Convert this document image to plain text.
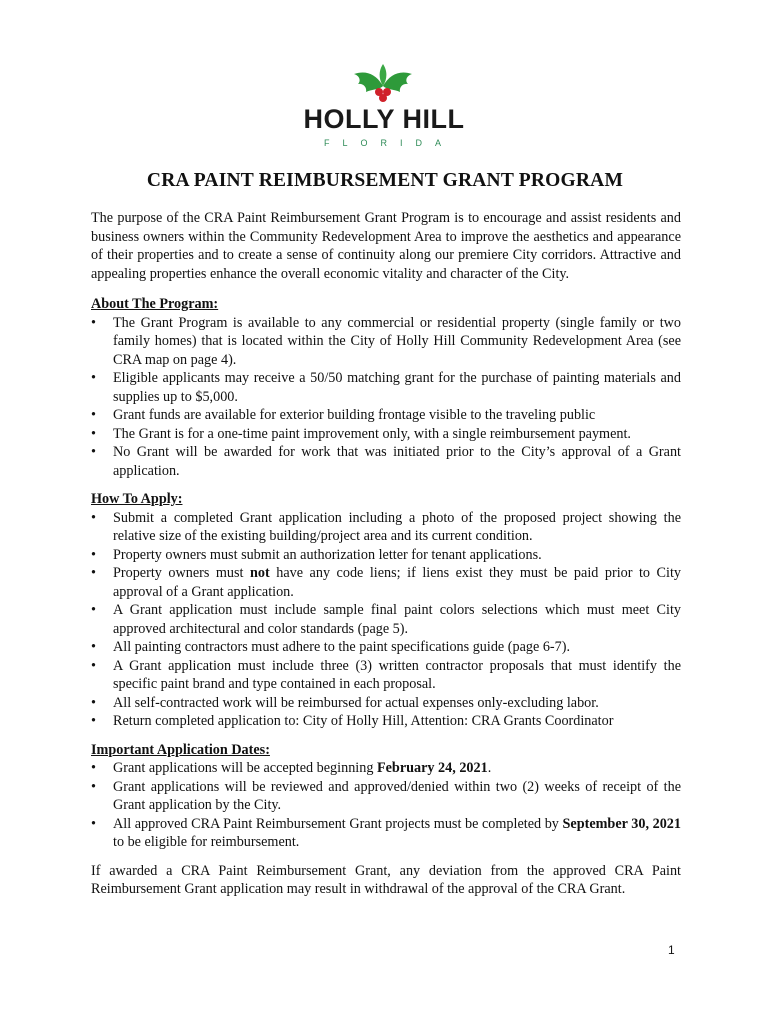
HOLLY HILL
FLORIDA
CRA PAINT REIMBURSEMENT GRANT PROGRAM

The purpose of the CRA Paint Reimbursement Grant Program is to encourage and assist residents and business owners within the Community Redevelopment Area to improve the aesthetics and appearance of their properties and to create a sense of continuity along our premiere City corridors. Attractive and appealing properties enhance the overall economic vitality and character of the City.

About The Program:
• The Grant Program is available to any commercial or residential property (single family or two family homes) that is located within the City of Holly Hill Community Redevelopment Area (see CRA map on page 4).
• Eligible applicants may receive a 50/50 matching grant for the purchase of painting materials and supplies up to $5,000.
• Grant funds are available for exterior building frontage visible to the traveling public
• The Grant is for a one-time paint improvement only, with a single reimbursement payment.
• No Grant will be awarded for work that was initiated prior to the City’s approval of a Grant application.
How To Apply:
• Submit a completed Grant application including a photo of the proposed project showing the relative size of the existing building/project area and its current condition.
• Property owners must submit an authorization letter for tenant applications.
• Property owners must not have any code liens; if liens exist they must be paid prior to City approval of a Grant application.
• A Grant application must include sample final paint colors selections which must meet City approved architectural and color standards (page 5).
• All painting contractors must adhere to the paint specifications guide (page 6-7).
• A Grant application must include three (3) written contractor proposals that must identify the specific paint brand and type contained in each proposal.
• All self-contracted work will be reimbursed for actual expenses only-excluding labor.
• Return completed application to: City of Holly Hill, Attention: CRA Grants Coordinator
Important Application Dates:
• Grant applications will be accepted beginning February 24, 2021.
• Grant applications will be reviewed and approved/denied within two (2) weeks of receipt of the Grant application by the City.
• All approved CRA Paint Reimbursement Grant projects must be completed by September 30, 2021 to be eligible for reimbursement.

If awarded a CRA Paint Reimbursement Grant, any deviation from the approved CRA Paint Reimbursement Grant application may result in withdrawal of the approval of the CRA Grant.

1
